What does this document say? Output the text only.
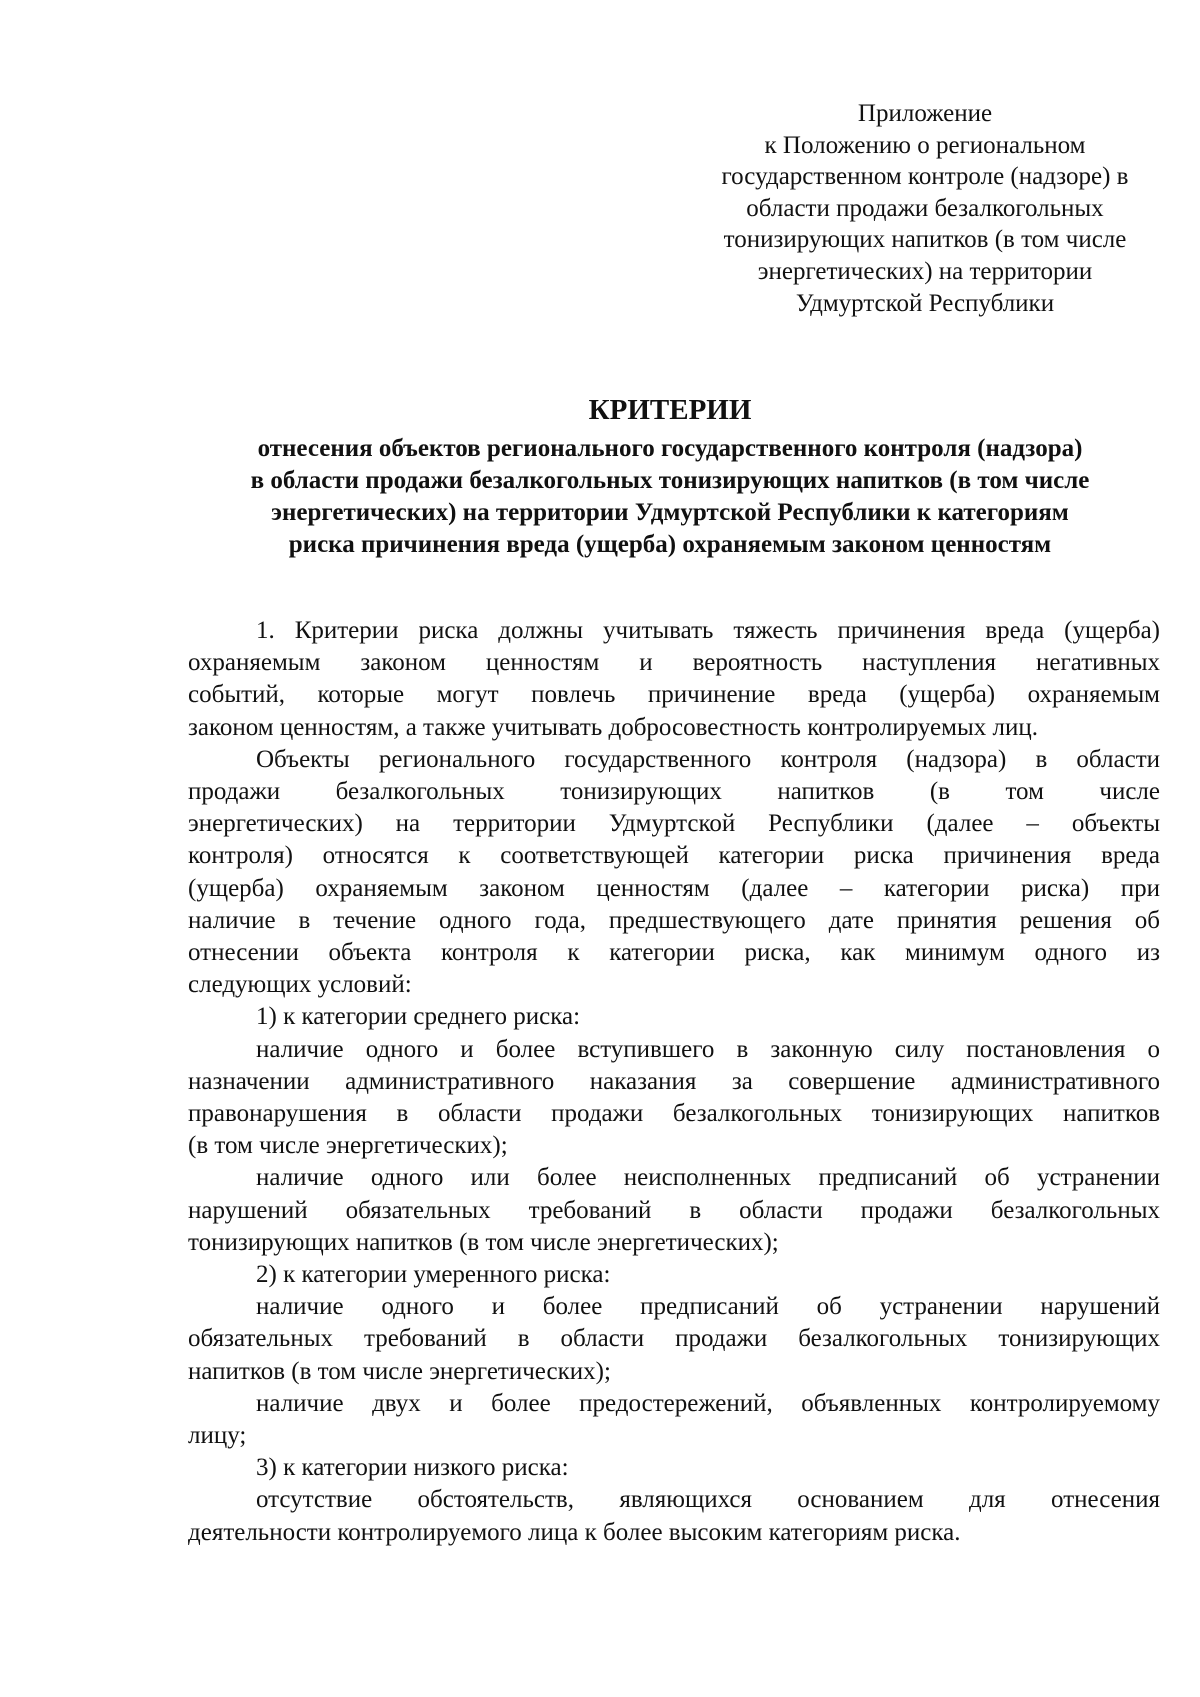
Приложение
к Положению о региональном
государственном контроле (надзоре) в
области продажи безалкогольных
тонизирующих напитков (в том числе
энергетических) на территории
Удмуртской Республики
КРИТЕРИИ
отнесения объектов регионального государственного контроля (надзора)
в области продажи безалкогольных тонизирующих напитков (в том числе
энергетических) на территории Удмуртской Республики к категориям
риска причинения вреда (ущерба) охраняемым законом ценностям
1. Критерии риска должны учитывать тяжесть причинения вреда (ущерба)
охраняемым законом ценностям и вероятность наступления негативных
событий, которые могут повлечь причинение вреда (ущерба) охраняемым
законом ценностям, а также учитывать добросовестность контролируемых лиц.
Объекты регионального государственного контроля (надзора) в области
продажи безалкогольных тонизирующих напитков (в том числе
энергетических) на территории Удмуртской Республики (далее – объекты
контроля) относятся к соответствующей категории риска причинения вреда
(ущерба) охраняемым законом ценностям (далее – категории риска) при
наличие в течение одного года, предшествующего дате принятия решения об
отнесении объекта контроля к категории риска, как минимум одного из
следующих условий:
1) к категории среднего риска:
наличие одного и более вступившего в законную силу постановления о
назначении административного наказания за совершение административного
правонарушения в области продажи безалкогольных тонизирующих напитков
(в том числе энергетических);
наличие одного или более неисполненных предписаний об устранении
нарушений обязательных требований в области продажи безалкогольных
тонизирующих напитков (в том числе энергетических);
2) к категории умеренного риска:
наличие одного и более предписаний об устранении нарушений
обязательных требований в области продажи безалкогольных тонизирующих
напитков (в том числе энергетических);
наличие двух и более предостережений, объявленных контролируемому
лицу;
3) к категории низкого риска:
отсутствие обстоятельств, являющихся основанием для отнесения
деятельности контролируемого лица к более высоким категориям риска.
